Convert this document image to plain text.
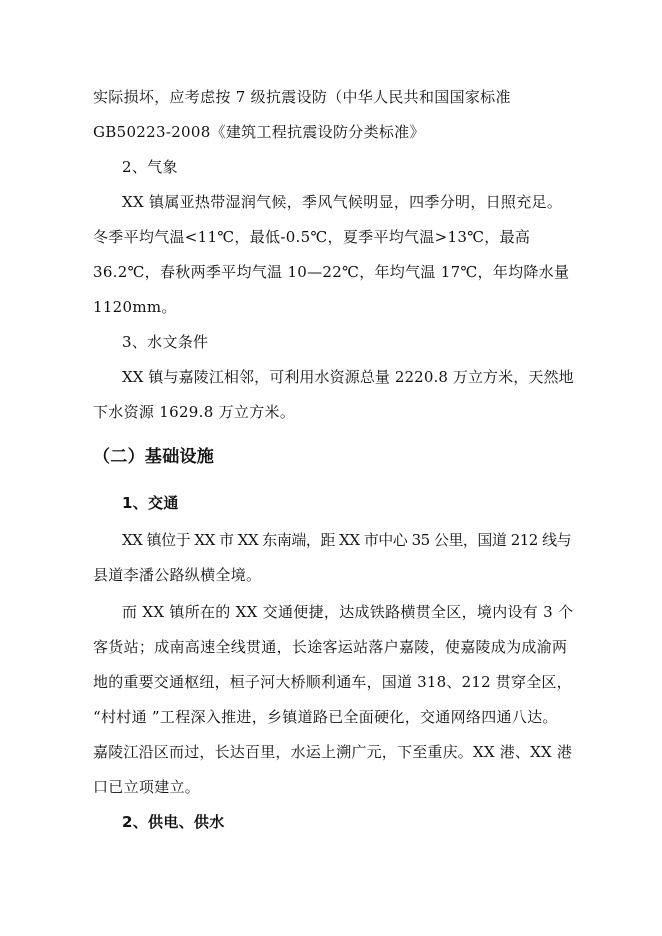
实际损坏，应考虑按 7 级抗震设防（中华人民共和国国家标准
GB50223-2008《建筑工程抗震设防分类标准》
2、气象
XX 镇属亚热带湿润气候，季风气候明显，四季分明，日照充足。
冬季平均气温<11℃，最低-0.5℃，夏季平均气温>13℃，最高
36.2℃，春秋两季平均气温 10—22℃，年均气温 17℃，年均降水量
1120mm。
3、水文条件
XX 镇与嘉陵江相邻，可利用水资源总量 2220.8 万立方米，天然地
下水资源 1629.8 万立方米。
（二）基础设施
1、交通
XX 镇位于 XX 市 XX 东南端，距 XX 市中心 35 公里，国道 212 线与
县道李潘公路纵横全境。
而 XX 镇所在的 XX 交通便捷，达成铁路横贯全区，境内设有 3 个
客货站；成南高速全线贯通，长途客运站落户嘉陵，使嘉陵成为成渝两
地的重要交通枢纽，桓子河大桥顺利通车，国道 318、212 贯穿全区，
“村村通 ”工程深入推进，乡镇道路已全面硬化，交通网络四通八达。
嘉陵江沿区而过，长达百里，水运上溯广元，下至重庆。XX 港、XX 港
口已立项建立。
2、供电、供水
